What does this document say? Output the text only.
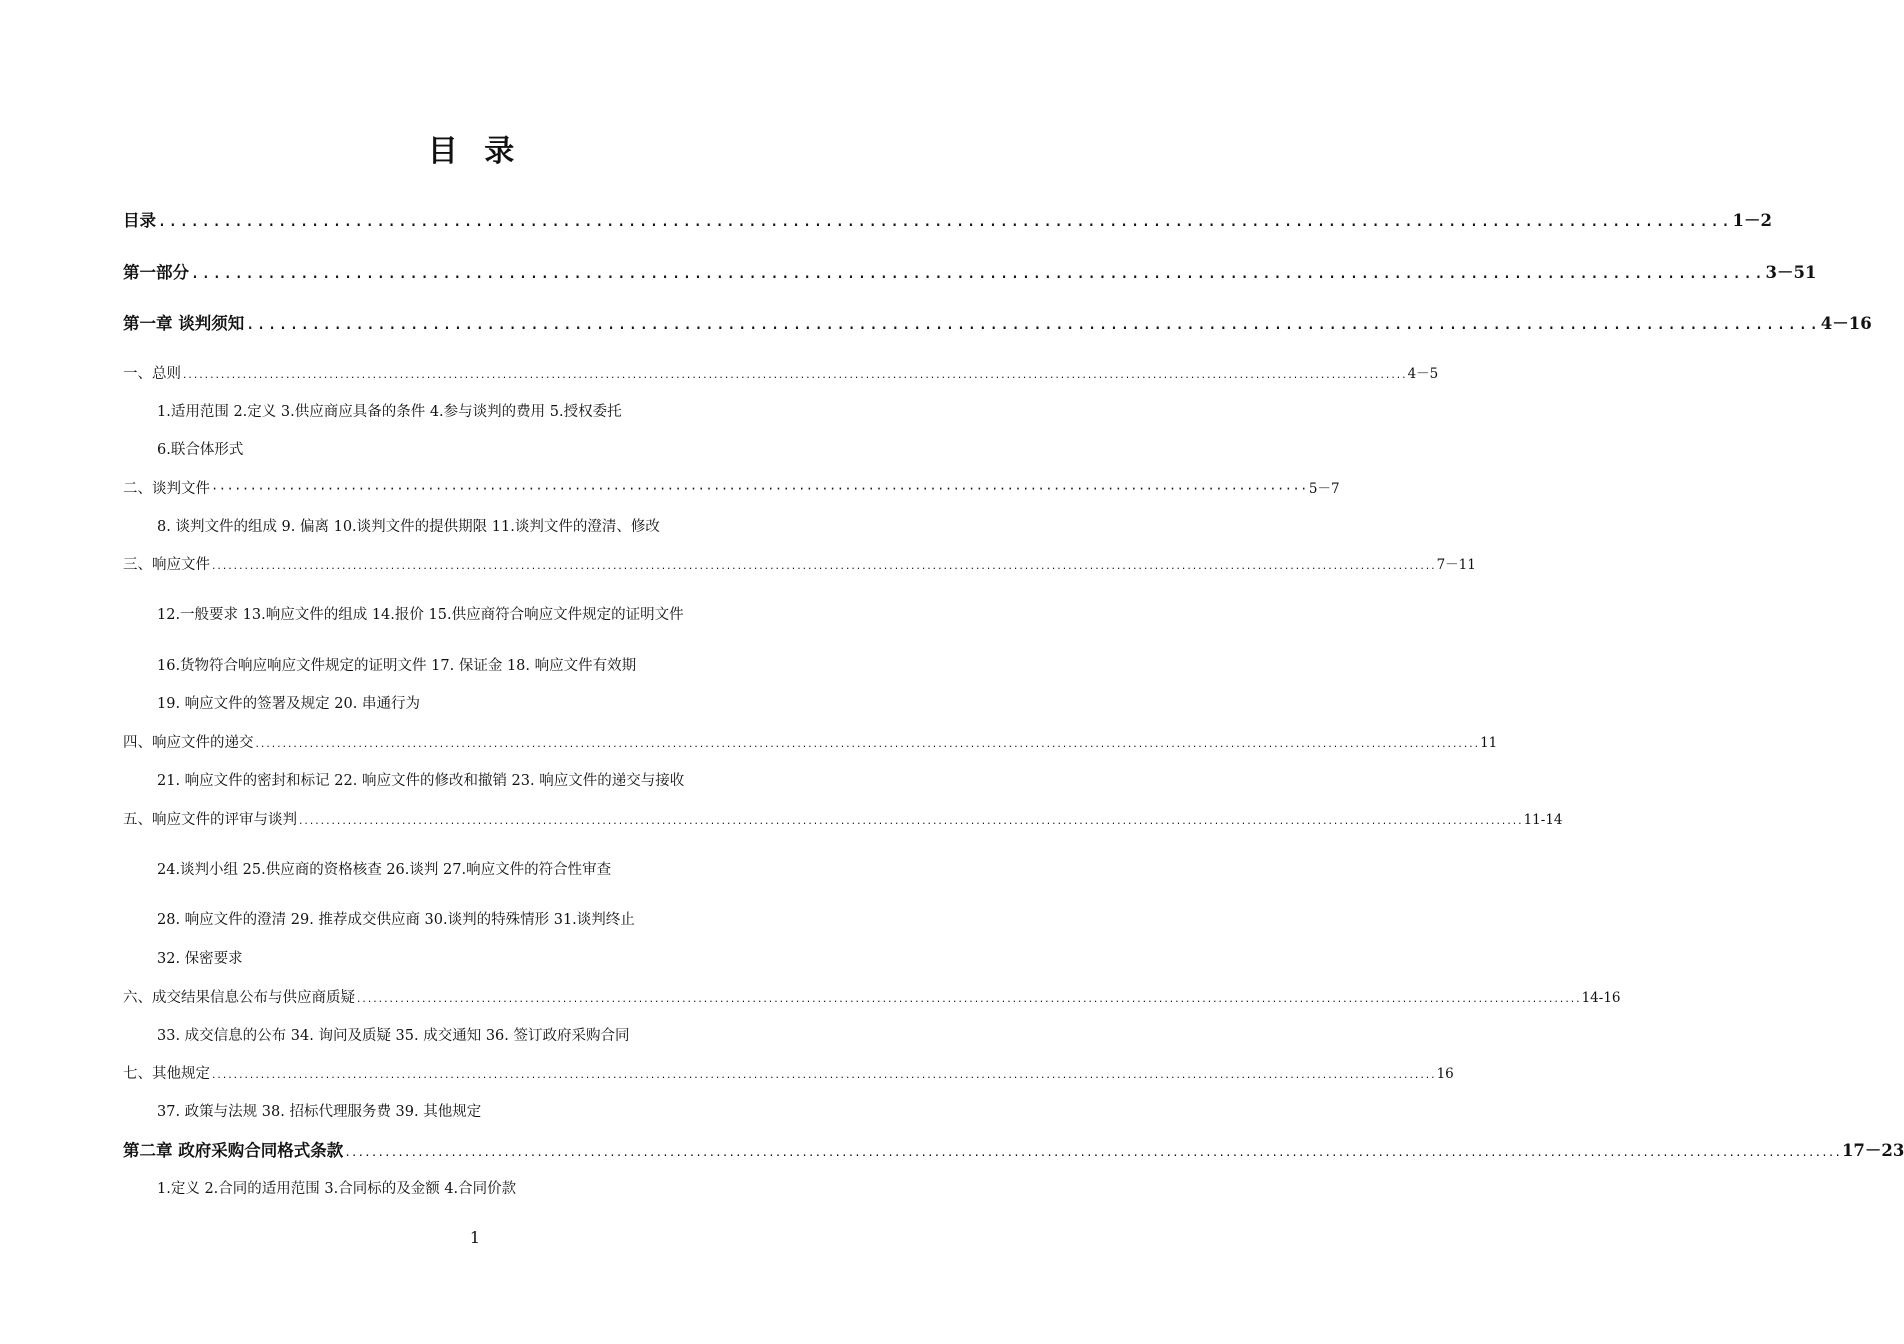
目 录
目录 ................................................................................................................................................ 1－2
第一部分 ................................................................................................................................................ 3－51
第一章 谈判须知 ................................................................................................................................................ 4－16
一、总则 .................................................................................................................................................................................................................................. 4－5
1.适用范围 2.定义 3.供应商应具备的条件 4.参与谈判的费用 5.授权委托
6.联合体形式
二、谈判文件 ·············································································································································· 5－7
8. 谈判文件的组成 9. 偏离 10.谈判文件的提供期限 11.谈判文件的澄清、修改
三、响应文件 .................................................................................................................................................................................................................................. 7－11
12.一般要求 13.响应文件的组成 14.报价 15.供应商符合响应文件规定的证明文件
16.货物符合响应响应文件规定的证明文件 17. 保证金 18. 响应文件有效期
19. 响应文件的签署及规定 20. 串通行为
四、响应文件的递交 .................................................................................................................................................................................................................................. 11
21. 响应文件的密封和标记 22. 响应文件的修改和撤销 23. 响应文件的递交与接收
五、响应文件的评审与谈判 .................................................................................................................................................................................................................................. 11-14
24.谈判小组 25.供应商的资格核查 26.谈判 27.响应文件的符合性审查
28. 响应文件的澄清 29. 推荐成交供应商 30.谈判的特殊情形 31.谈判终止
32. 保密要求
六、成交结果信息公布与供应商质疑 .................................................................................................................................................................................................................................. 14-16
33. 成交信息的公布 34. 询问及质疑 35. 成交通知 36. 签订政府采购合同
七、其他规定 .................................................................................................................................................................................................................................. 16
37. 政策与法规 38. 招标代理服务费 39. 其他规定
第二章 政府采购合同格式条款 .................................................................................................................................................................................................................................. 17－23
1.定义 2.合同的适用范围 3.合同标的及金额 4.合同价款
1
